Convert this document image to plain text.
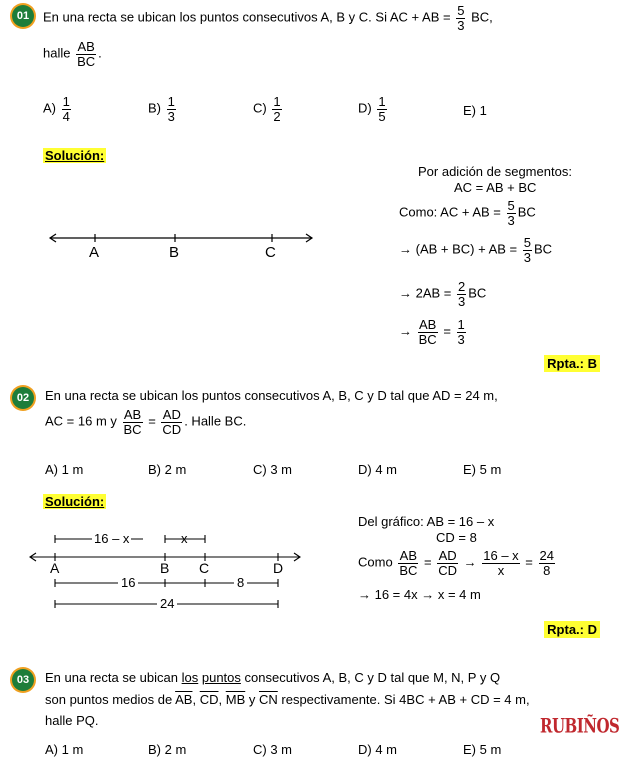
01	En una recta se ubican los puntos consecutivos A, B y C. Si AC + AB = $\frac{5}{3}$ BC,
halle $\frac{AB}{BC}$ .
$A) \frac{1}{4}$	$B) \frac{1}{3}$	$C) \frac{1}{2}$	$D) \frac{1}{5}$	E) 1
Solución:
A	B	C
Por adición de segmentos:
AC = AB + BC
Como: AC + AB = $\frac{5}{3}$ BC
→ (AB + BC) + AB = $\frac{5}{3}$ BC
→ $2AB = \frac{2}{3}$ BC
→ $\frac{AB}{BC} = \frac{1}{3}$
Rpta.: B
02	En una recta se ubican los puntos consecutivos A, B, C y D tal que AD = 24 m,
AC = 16 m y $\frac{AB}{BC} = \frac{AD}{CD}$ . Halle BC.
A) 1 m	B) 2 m	C) 3 m	D) 4 m	E) 5 m
Solución:
16 – x	x
A	B C	D
16	8
24
Del gráfico: AB = 16 – x
CD = 8
Como $\frac{AB}{BC} = \frac{AD}{CD} \to \frac{16 - x}{x} = \frac{24}{8}$
→ 16 = 4x → x = 4 m
Rpta.: D
03	En una recta se ubican los puntos consecutivos A, B, C y D tal que M, N, P y Q
son puntos medios de $\overline{AB}$, $\overline{CD}$, $\overline{MB}$ y $\overline{CN}$ respectivamente. Si 4BC + AB + CD = 4 m,
halle PQ.
A) 1 m	B) 2 m	C) 3 m	D) 4 m	E) 5 m
RUBIÑOS
